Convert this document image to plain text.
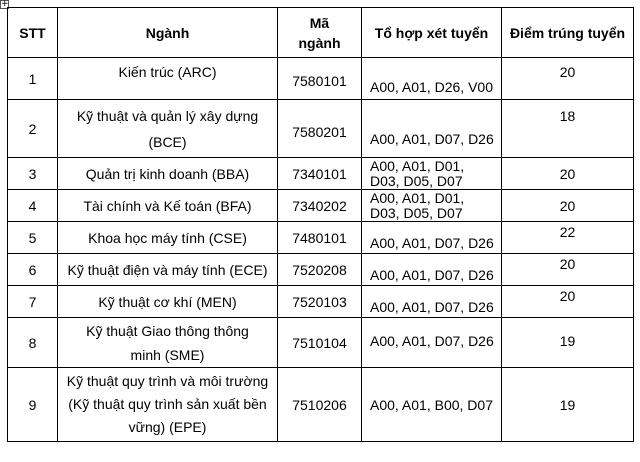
+
STT	Ngành	Mã ngành	Tổ hợp xét tuyển	Điểm trúng tuyển
1	Kiến trúc (ARC)	7580101	A00, A01, D26, V00	20
2	Kỹ thuật và quản lý xây dựng (BCE)	7580201	A00, A01, D07, D26	18
3	Quản trị kinh doanh (BBA)	7340101	A00, A01, D01, D03, D05, D07	20
4	Tài chính và Kế toán (BFA)	7340202	A00, A01, D01, D03, D05, D07	20
5	Khoa học máy tính (CSE)	7480101	A00, A01, D07, D26	22
6	Kỹ thuật điện và máy tính (ECE)	7520208	A00, A01, D07, D26	20
7	Kỹ thuật cơ khí (MEN)	7520103	A00, A01, D07, D26	20
8	Kỹ thuật Giao thông thông minh (SME)	7510104	A00, A01, D07, D26	19
9	Kỹ thuật quy trình và môi trường (Kỹ thuật quy trình sản xuất bền vững) (EPE)	7510206	A00, A01, B00, D07	19
